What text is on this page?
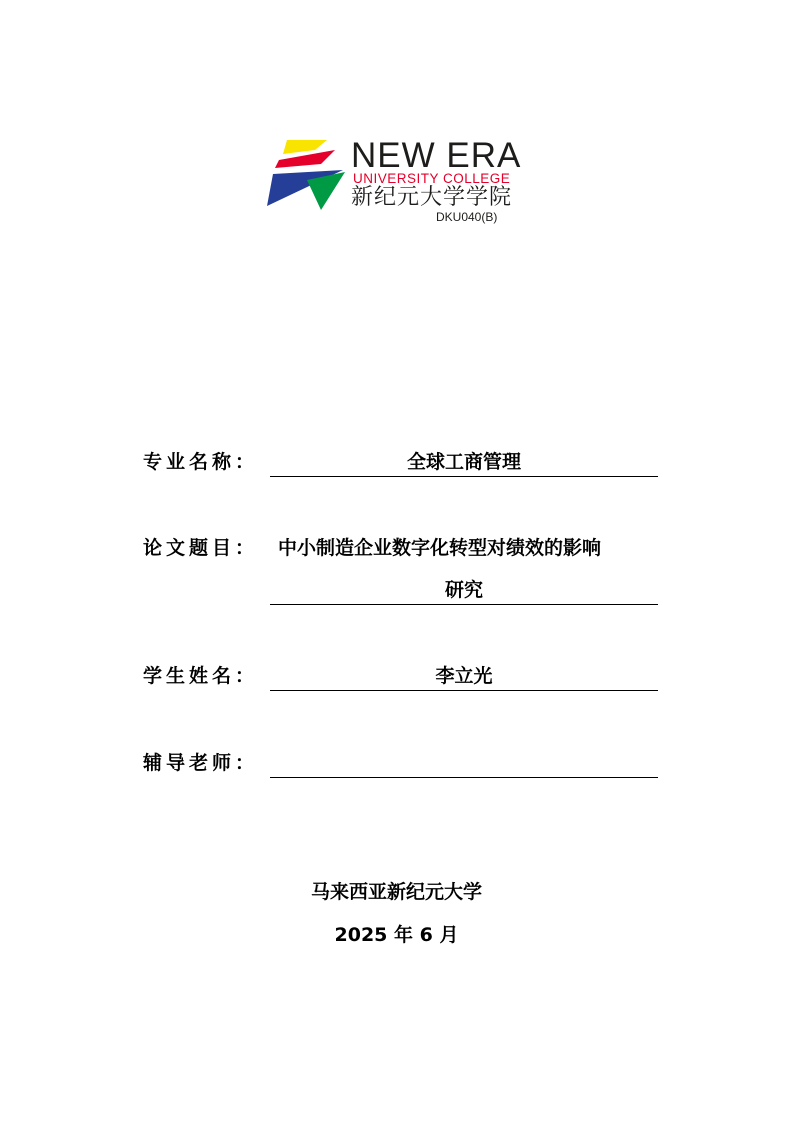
NEW ERA
UNIVERSITY COLLEGE
新纪元大学学院
DKU040(B)
专业名称：	全球工商管理
论文题目： 中小制造企业数字化转型对绩效的影响
研究
学生姓名：	李立光
辅导老师：
马来西亚新纪元大学
2025 年 6 月
